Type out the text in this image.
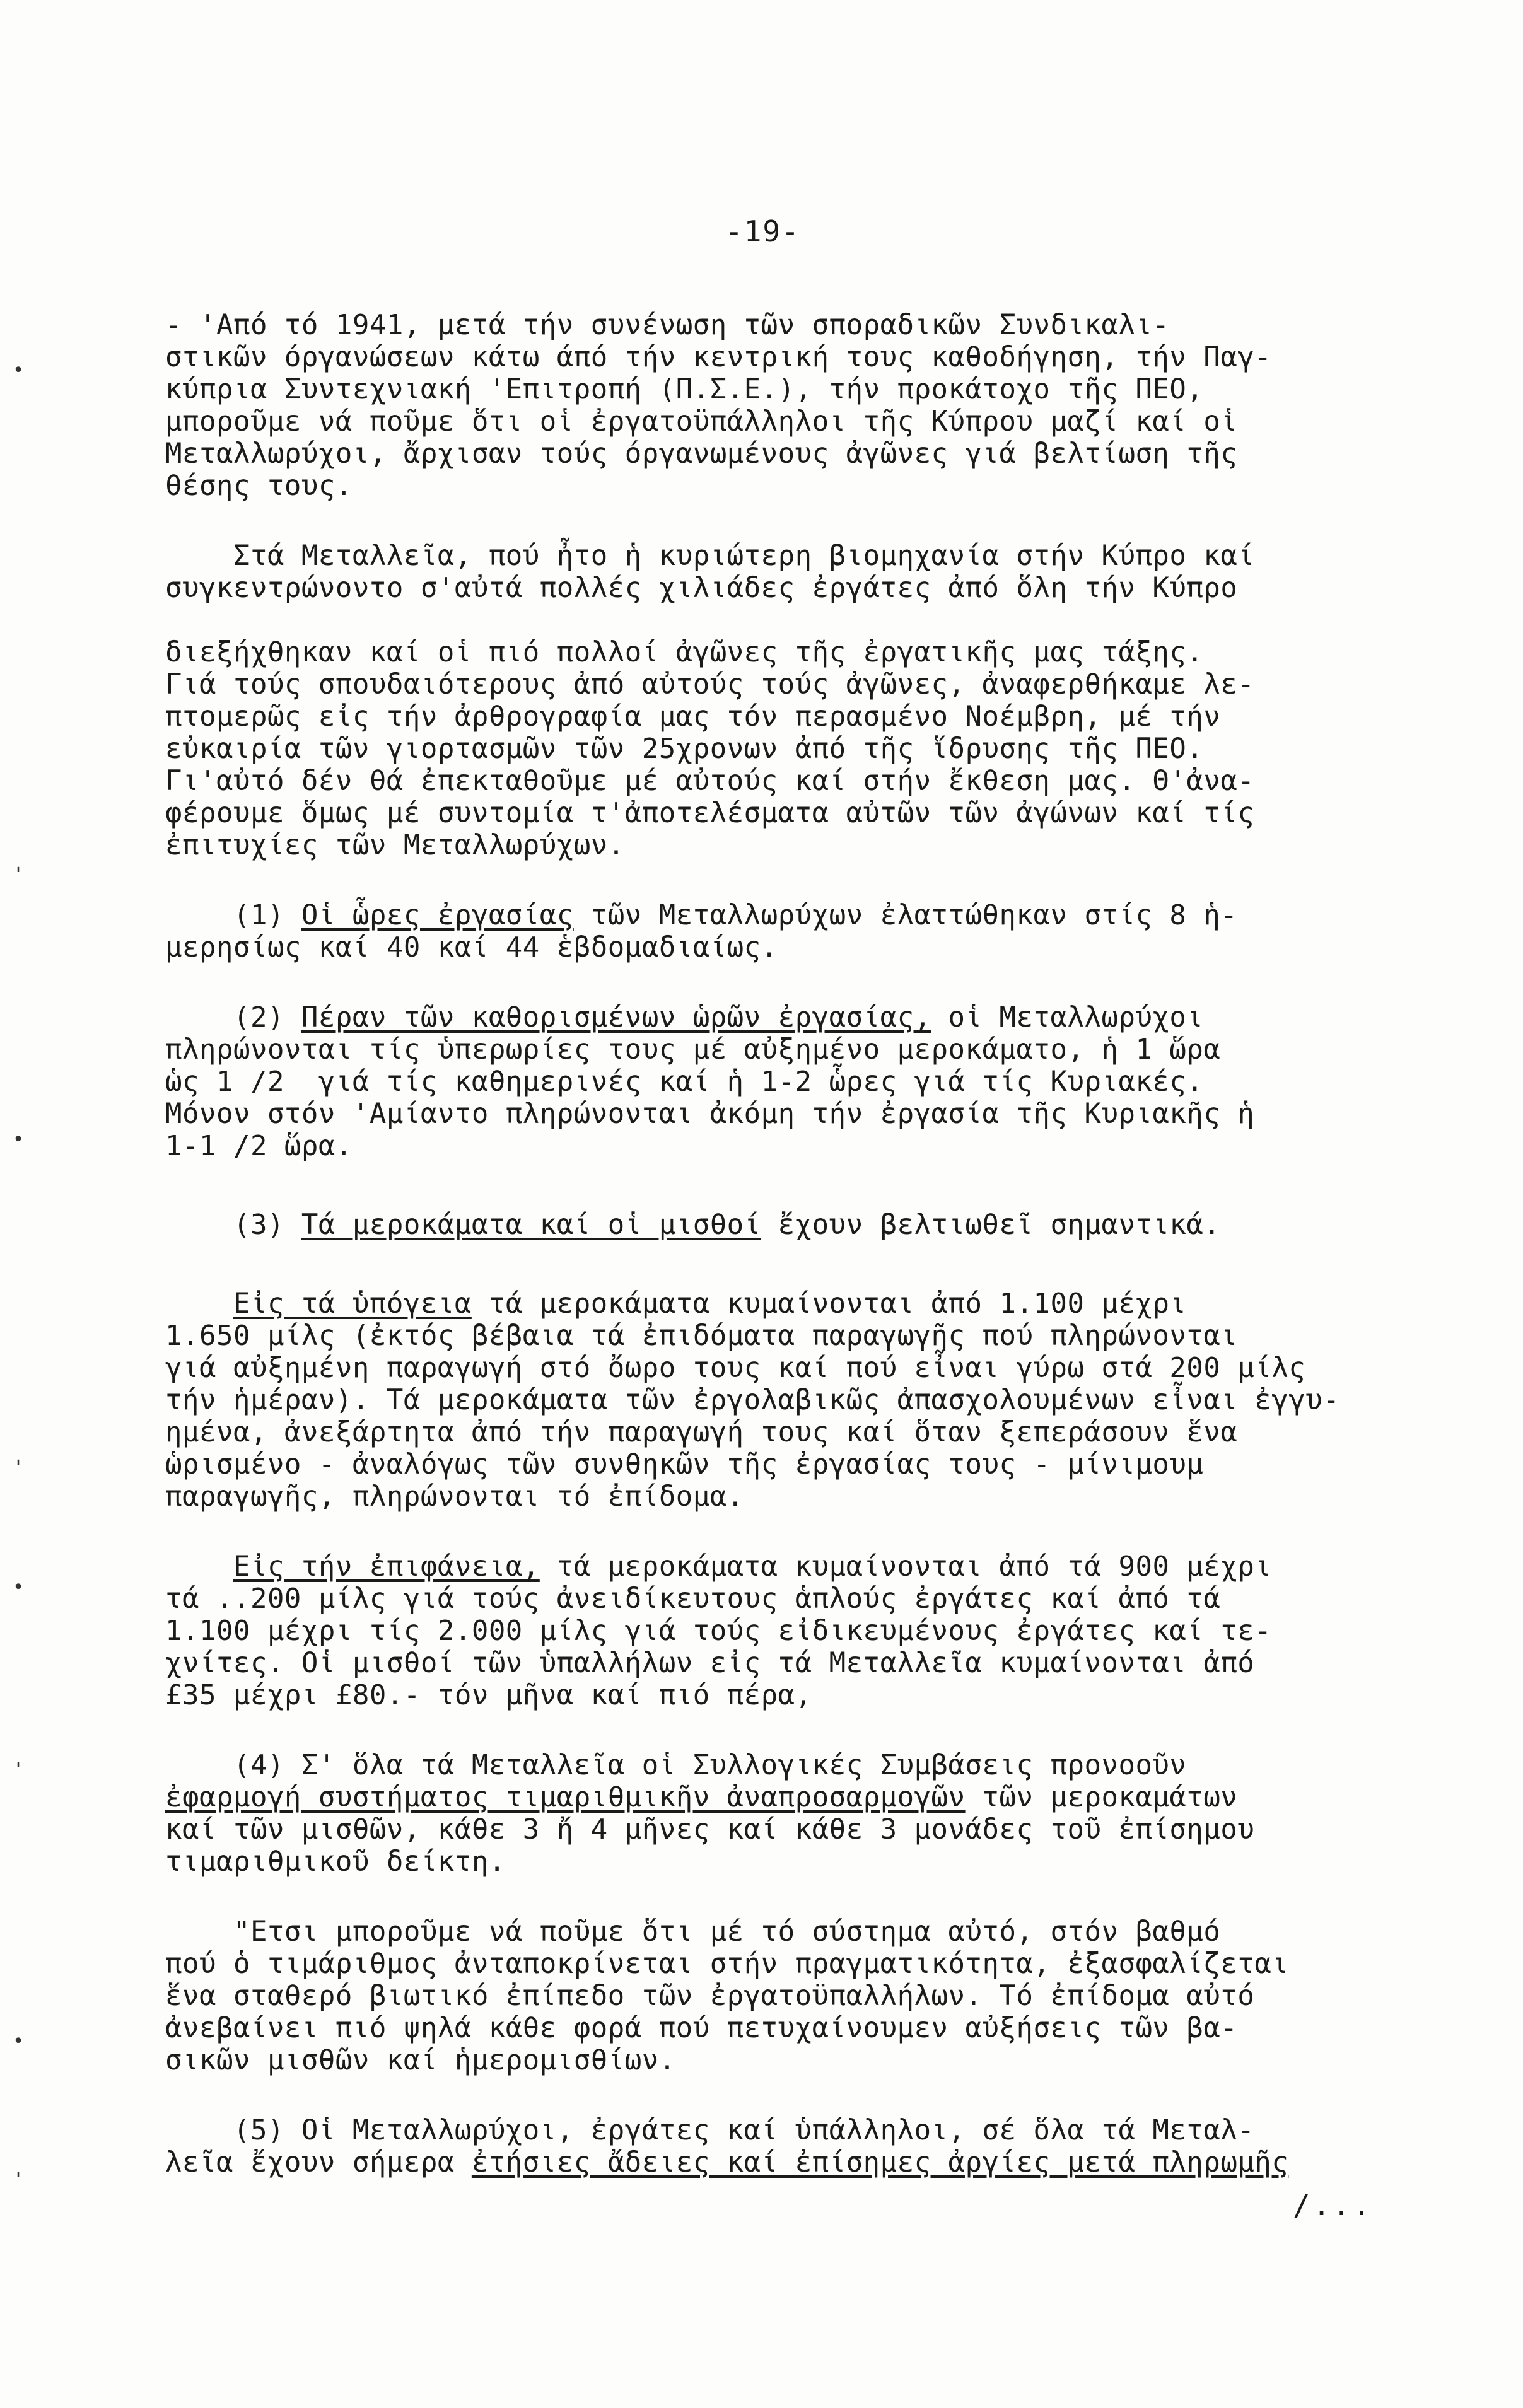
-19-
•
'
•
'
•
'
•
'
- 'Από τό 1941, μετά τήν συνένωση τῶν σποραδικῶν Συνδικαλι-
στικῶν όργανώσεων κάτω άπό τήν κεντρική τους καθοδήγηση, τήν Παγ-
κύπρια Συντεχνιακή 'Επιτροπή (Π.Σ.Ε.), τήν προκάτοχο τῆς ΠΕΟ,
μποροῦμε νά ποῦμε ὅτι οἱ ἐργατοϋπάλληλοι τῆς Κύπρου μαζί καί οἱ
Μεταλλωρύχοι, ἄρχισαν τούς όργανωμένους ἀγῶνες γιά βελτίωση τῆς
θέσης τους.
Στά Μεταλλεῖα, πού ἦτο ἡ κυριώτερη βιομηχανία στήν Κύπρο καί
συγκεντρώνοντο σ'αὐτά πολλές χιλιάδες ἐργάτες ἀπό ὅλη τήν Κύπρο

διεξήχθηκαν καί οἱ πιό πολλοί ἀγῶνες τῆς ἐργατικῆς μας τάξης.
Γιά τούς σπουδαιότερους ἀπό αὐτούς τούς ἀγῶνες, ἀναφερθήκαμε λε-
πτομερῶς εἰς τήν ἀρθρογραφία μας τόν περασμένο Νοέμβρη, μέ τήν
εὐκαιρία τῶν γιορτασμῶν τῶν 25χρονων ἀπό τῆς ἵδρυσης τῆς ΠΕΟ.
Γι'αὐτό δέν θά ἐπεκταθοῦμε μέ αὐτούς καί στήν ἔκθεση μας. Θ'ἀνα-
φέρουμε ὅμως μέ συντομία τ'ἀποτελέσματα αὐτῶν τῶν ἀγώνων καί τίς
ἐπιτυχίες τῶν Μεταλλωρύχων.
(1) Οἱ ὧρες ἐργασίας τῶν Μεταλλωρύχων ἐλαττώθηκαν στίς 8 ἡ-
μερησίως καί 40 καί 44 ἑβδομαδιαίως.
(2) Πέραν τῶν καθορισμένων ὡρῶν ἐργασίας, οἱ Μεταλλωρύχοι
πληρώνονται τίς ὑπερωρίες τους μέ αὐξημένο μεροκάματο, ἡ 1 ὥρα
ὡς 1 /2  γιά τίς καθημερινές καί ἡ 1-2 ὧρες γιά τίς Κυριακές.
Μόνον στόν 'Αμίαντο πληρώνονται ἀκόμη τήν ἐργασία τῆς Κυριακῆς ἡ
1-1 /2 ὥρα.
(3) Τά μεροκάματα καί οἱ μισθοί ἔχουν βελτιωθεῖ σημαντικά.
Εἰς τά ὑπόγεια τά μεροκάματα κυμαίνονται ἀπό 1.100 μέχρι
1.650 μίλς (ἐκτός βέβαια τά ἐπιδόματα παραγωγῆς πού πληρώνονται
γιά αὐξημένη παραγωγή στό ὄωρο τους καί πού εἶναι γύρω στά 200 μίλς
τήν ἡμέραν). Τά μεροκάματα τῶν ἐργολαβικῶς ἀπασχολουμένων εἶναι ἐγγυ-
ημένα, ἀνεξάρτητα ἀπό τήν παραγωγή τους καί ὅταν ξεπεράσουν ἕνα
ὡρισμένο - ἀναλόγως τῶν συνθηκῶν τῆς ἐργασίας τους - μίνιμουμ
παραγωγῆς, πληρώνονται τό ἐπίδομα.
Εἰς τήν ἐπιφάνεια, τά μεροκάματα κυμαίνονται ἀπό τά 900 μέχρι
τά ..200 μίλς γιά τούς ἀνειδίκευτους ἁπλούς ἐργάτες καί ἀπό τά
1.100 μέχρι τίς 2.000 μίλς γιά τούς εἰδικευμένους ἐργάτες καί τε-
χνίτες. Οἱ μισθοί τῶν ὑπαλλήλων εἰς τά Μεταλλεῖα κυμαίνονται ἀπό
£35 μέχρι £80.- τόν μῆνα καί πιό πέρα,
(4) Σ' ὅλα τά Μεταλλεῖα οἱ Συλλογικές Συμβάσεις προνοοῦν
ἐφαρμογή συστήματος τιμαριθμικῆν ἀναπροσαρμογῶν τῶν μεροκαμάτων
καί τῶν μισθῶν, κάθε 3 ἤ 4 μῆνες καί κάθε 3 μονάδες τοῦ ἐπίσημου
τιμαριθμικοῦ δείκτη.
"Ετσι μποροῦμε νά ποῦμε ὅτι μέ τό σύστημα αὐτό, στόν βαθμό
πού ὁ τιμάριθμος ἀνταποκρίνεται στήν πραγματικότητα, ἐξασφαλίζεται
ἕνα σταθερό βιωτικό ἐπίπεδο τῶν ἐργατοϋπαλλήλων. Τό ἐπίδομα αὐτό
ἀνεβαίνει πιό ψηλά κάθε φορά πού πετυχαίνουμεν αὐξήσεις τῶν βα-
σικῶν μισθῶν καί ἡμερομισθίων.
(5) Οἱ Μεταλλωρύχοι, ἐργάτες καί ὑπάλληλοι, σέ ὅλα τά Μεταλ-
λεῖα ἔχουν σήμερα ἐτήσιες ἄδειες καί ἐπίσημες ἀργίες μετά πληρωμῆς
/...
